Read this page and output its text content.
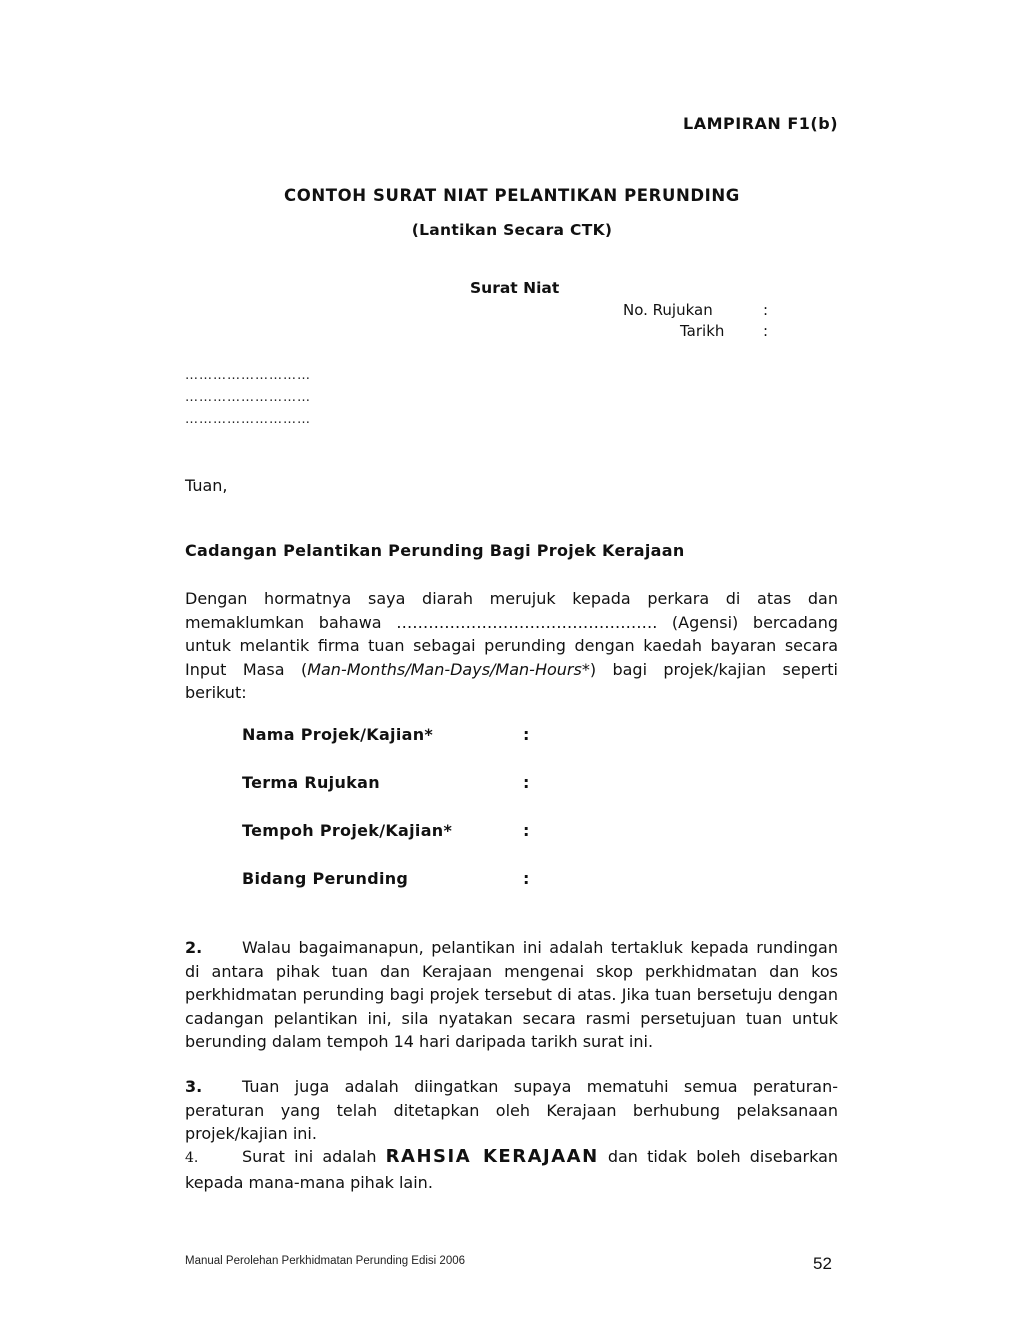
LAMPIRAN F1(b)
CONTOH SURAT NIAT PELANTIKAN PERUNDING
(Lantikan Secara CTK)
Surat Niat
No. Rujukan	:
Tarikh	:
………………………
………………………
………………………
Tuan,
Cadangan Pelantikan Perunding Bagi Projek Kerajaan
Dengan hormatnya saya diarah merujuk kepada perkara di atas dan memaklumkan bahawa …………………………………………. (Agensi) bercadang untuk melantik firma tuan sebagai perunding dengan kaedah bayaran secara Input Masa (Man-Months/Man-Days/Man-Hours*) bagi projek/kajian seperti berikut:
Nama Projek/Kajian*	:
Terma Rujukan	:
Tempoh Projek/Kajian*	:
Bidang Perunding	:
2. Walau bagaimanapun, pelantikan ini adalah tertakluk kepada rundingan di antara pihak tuan dan Kerajaan mengenai skop perkhidmatan dan kos perkhidmatan perunding bagi projek tersebut di atas. Jika tuan bersetuju dengan cadangan pelantikan ini, sila nyatakan secara rasmi persetujuan tuan untuk berunding dalam tempoh 14 hari daripada tarikh surat ini.
3. Tuan juga adalah diingatkan supaya mematuhi semua peraturan-peraturan yang telah ditetapkan oleh Kerajaan berhubung pelaksanaan projek/kajian ini.
4.	Surat ini adalah RAHSIA KERAJAAN dan tidak boleh disebarkan kepada mana-mana pihak lain.
Manual Perolehan Perkhidmatan Perunding Edisi 2006	52
